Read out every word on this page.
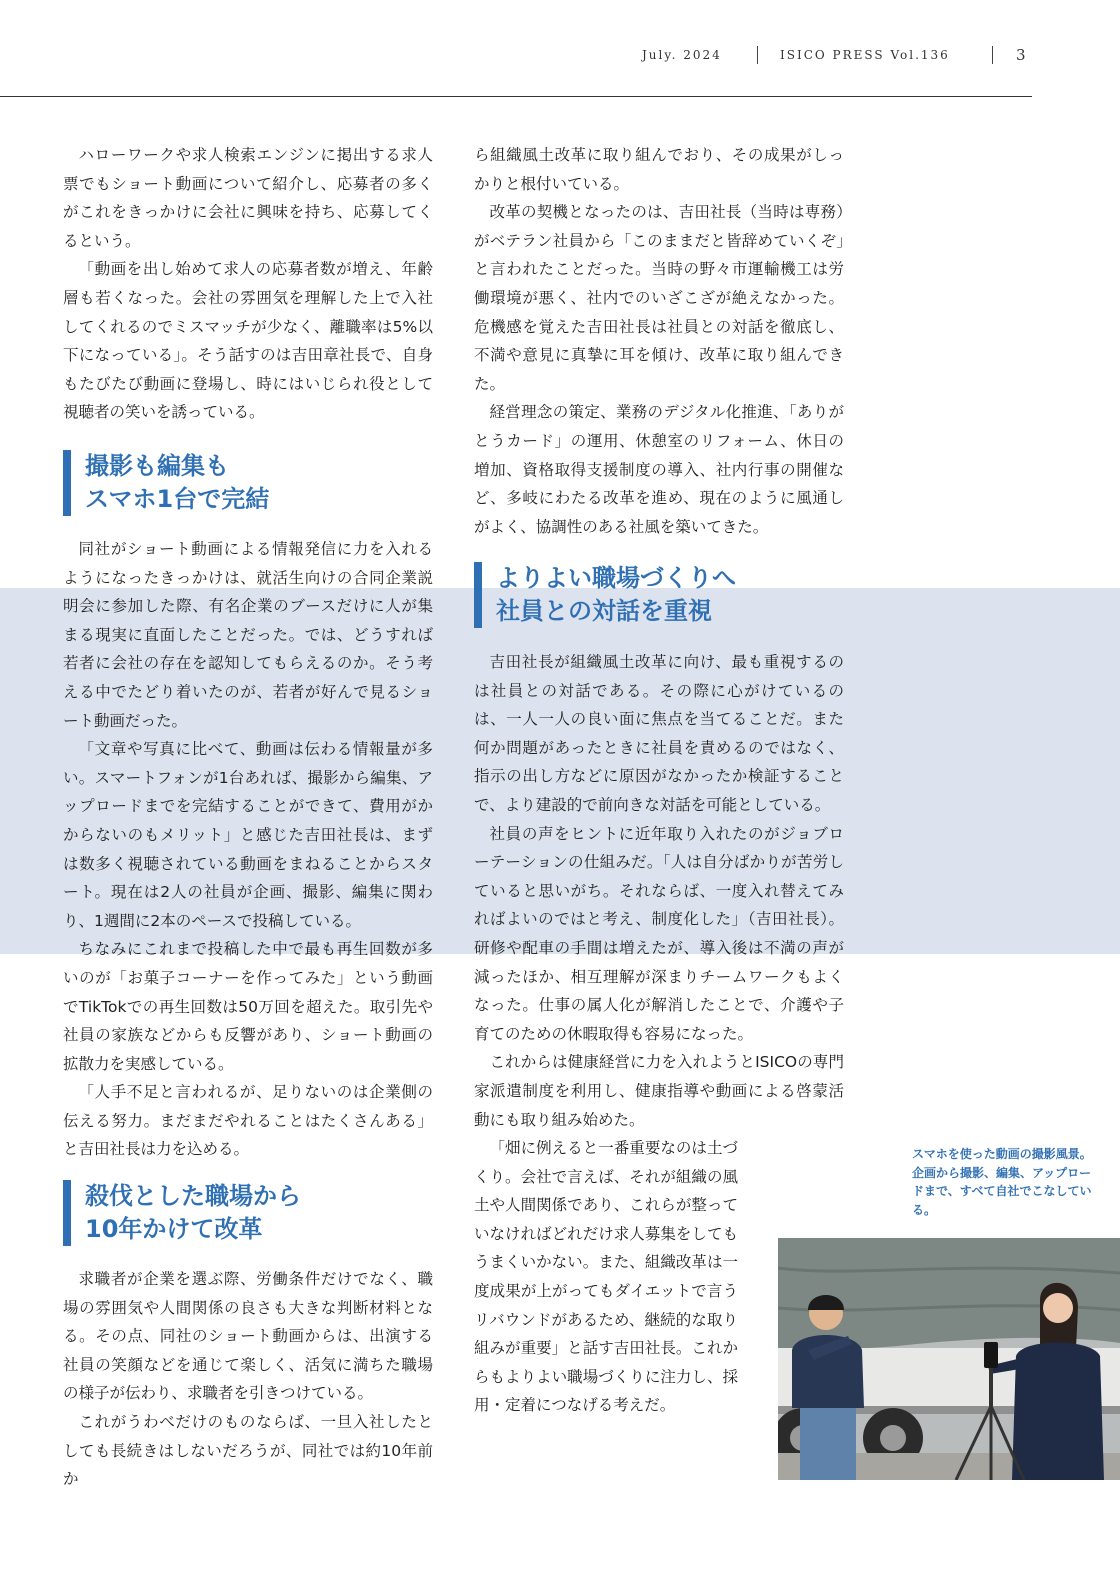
July. 2024	ISICO PRESS Vol.136	3

ハローワークや求人検索エンジンに掲出する求人票でもショート動画について紹介し、応募者の多くがこれをきっかけに会社に興味を持ち、応募してくるという。

「動画を出し始めて求人の応募者数が増え、年齢層も若くなった。会社の雰囲気を理解した上で入社してくれるのでミスマッチが少なく、離職率は5%以下になっている」。そう話すのは吉田章社長で、自身もたびたび動画に登場し、時にはいじられ役として視聴者の笑いを誘っている。

撮影も編集も
スマホ1台で完結

同社がショート動画による情報発信に力を入れるようになったきっかけは、就活生向けの合同企業説明会に参加した際、有名企業のブースだけに人が集まる現実に直面したことだった。では、どうすれば若者に会社の存在を認知してもらえるのか。そう考える中でたどり着いたのが、若者が好んで見るショート動画だった。

「文章や写真に比べて、動画は伝わる情報量が多い。スマートフォンが1台あれば、撮影から編集、アップロードまでを完結することができて、費用がかからないのもメリット」と感じた吉田社長は、まずは数多く視聴されている動画をまねることからスタート。現在は2人の社員が企画、撮影、編集に関わり、1週間に2本のペースで投稿している。

ちなみにこれまで投稿した中で最も再生回数が多いのが「お菓子コーナーを作ってみた」という動画でTikTokでの再生回数は50万回を超えた。取引先や社員の家族などからも反響があり、ショート動画の拡散力を実感している。

「人手不足と言われるが、足りないのは企業側の伝える努力。まだまだやれることはたくさんある」と吉田社長は力を込める。

殺伐とした職場から
10年かけて改革

求職者が企業を選ぶ際、労働条件だけでなく、職場の雰囲気や人間関係の良さも大きな判断材料となる。その点、同社のショート動画からは、出演する社員の笑顔などを通じて楽しく、活気に満ちた職場の様子が伝わり、求職者を引きつけている。

これがうわべだけのものならば、一旦入社したとしても長続きはしないだろうが、同社では約10年前か

ら組織風土改革に取り組んでおり、その成果がしっかりと根付いている。

改革の契機となったのは、吉田社長（当時は専務）がベテラン社員から「このままだと皆辞めていくぞ」と言われたことだった。当時の野々市運輸機工は労働環境が悪く、社内でのいざこざが絶えなかった。危機感を覚えた吉田社長は社員との対話を徹底し、不満や意見に真摯に耳を傾け、改革に取り組んできた。

経営理念の策定、業務のデジタル化推進、「ありがとうカード」の運用、休憩室のリフォーム、休日の増加、資格取得支援制度の導入、社内行事の開催など、多岐にわたる改革を進め、現在のように風通しがよく、協調性のある社風を築いてきた。

よりよい職場づくりへ
社員との対話を重視

吉田社長が組織風土改革に向け、最も重視するのは社員との対話である。その際に心がけているのは、一人一人の良い面に焦点を当てることだ。また何か問題があったときに社員を責めるのではなく、指示の出し方などに原因がなかったか検証することで、より建設的で前向きな対話を可能としている。

社員の声をヒントに近年取り入れたのがジョブローテーションの仕組みだ。「人は自分ばかりが苦労していると思いがち。それならば、一度入れ替えてみればよいのではと考え、制度化した」（吉田社長）。研修や配車の手間は増えたが、導入後は不満の声が減ったほか、相互理解が深まりチームワークもよくなった。仕事の属人化が解消したことで、介護や子育てのための休暇取得も容易になった。

これからは健康経営に力を入れようとISICOの専門家派遣制度を利用し、健康指導や動画による啓蒙活動にも取り組み始めた。

「畑に例えると一番重要なのは土づくり。会社で言えば、それが組織の風土や人間関係であり、これらが整っていなければどれだけ求人募集をしてもうまくいかない。また、組織改革は一度成果が上がってもダイエットで言うリバウンドがあるため、継続的な取り組みが重要」と話す吉田社長。これからもよりよい職場づくりに注力し、採用・定着につなげる考えだ。

スマホを使った動画の撮影風景。企画から撮影、編集、アップロードまで、すべて自社でこなしている。
